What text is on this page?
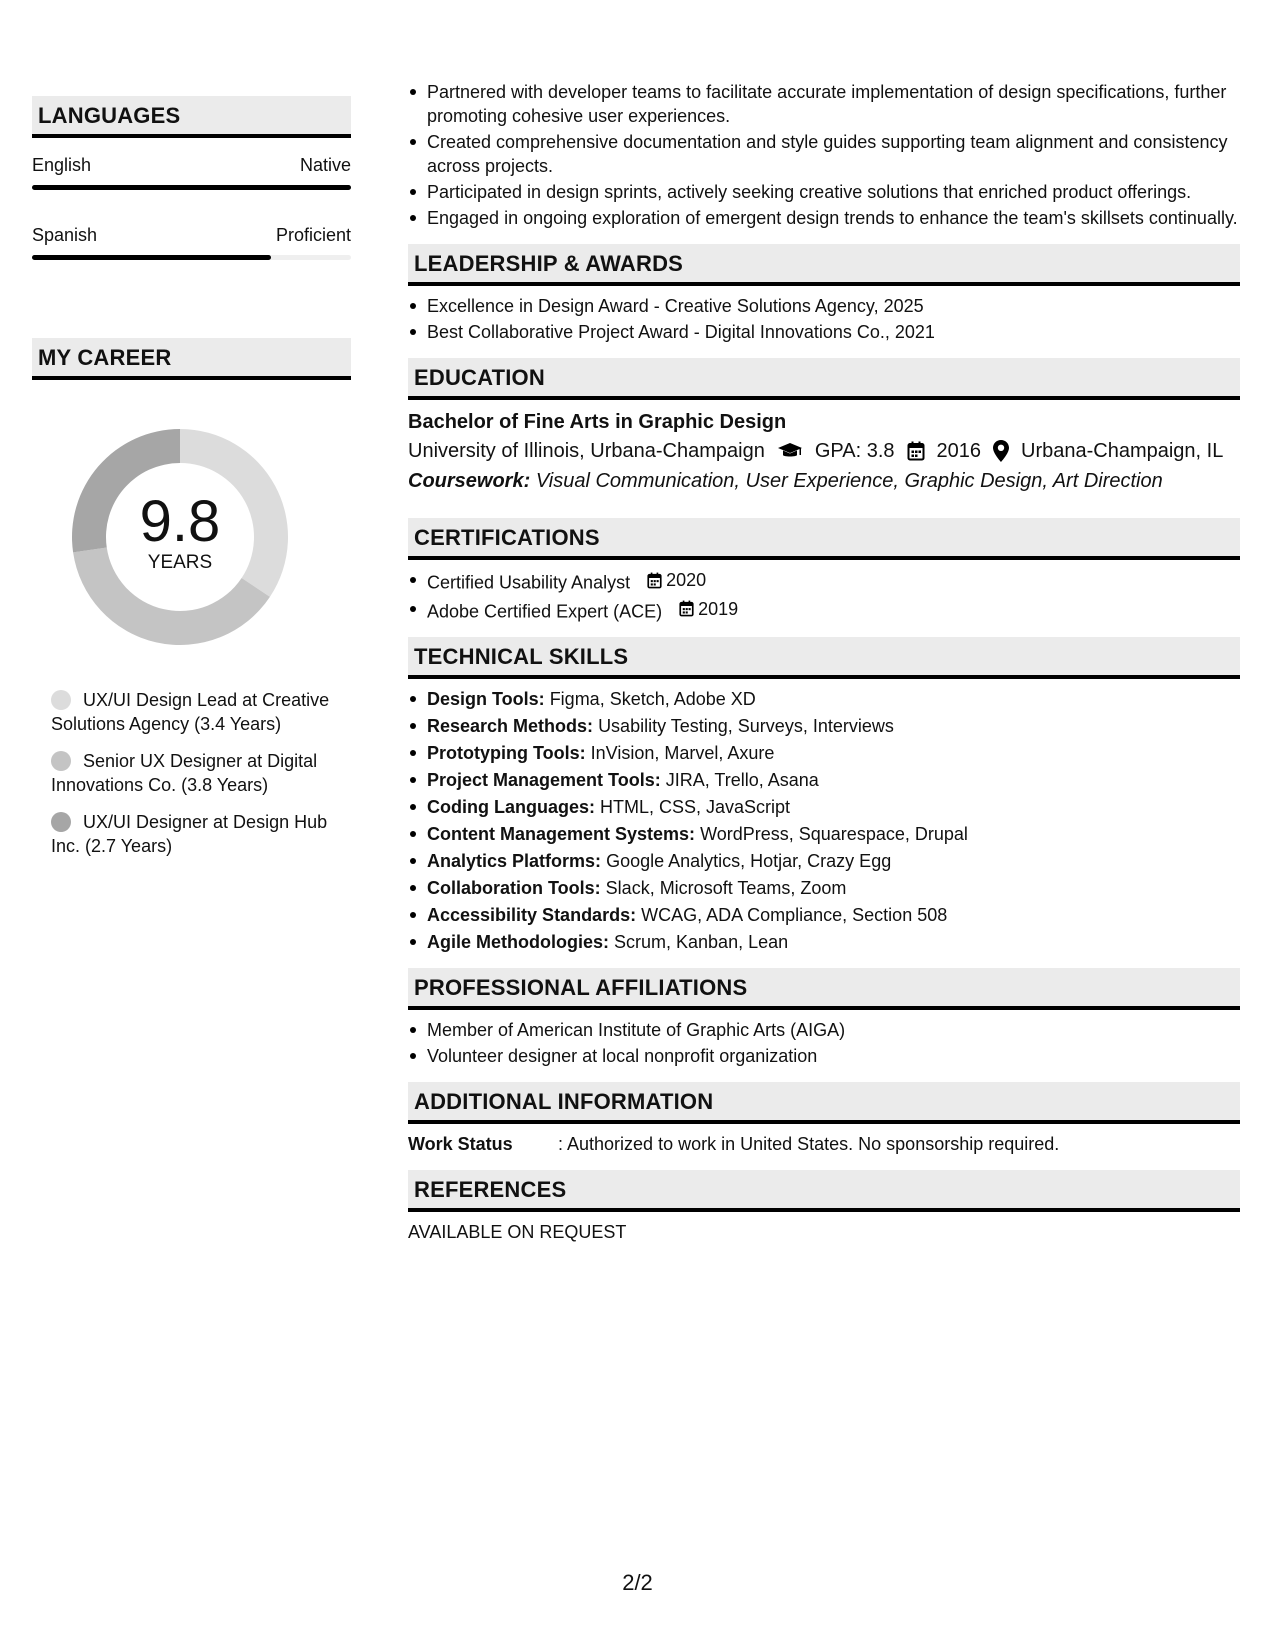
LANGUAGES
English	Native
Spanish	Proficient
MY CAREER
9.8
YEARS
UX/UI Design Lead at Creative Solutions Agency (3.4 Years)
Senior UX Designer at Digital Innovations Co. (3.8 Years)
UX/UI Designer at Design Hub Inc. (2.7 Years)
Partnered with developer teams to facilitate accurate implementation of design specifications, further promoting cohesive user experiences.
Created comprehensive documentation and style guides supporting team alignment and consistency across projects.
Participated in design sprints, actively seeking creative solutions that enriched product offerings.
Engaged in ongoing exploration of emergent design trends to enhance the team's skillsets continually.
LEADERSHIP & AWARDS
Excellence in Design Award - Creative Solutions Agency, 2025
Best Collaborative Project Award - Digital Innovations Co., 2021
EDUCATION
Bachelor of Fine Arts in Graphic Design
University of Illinois, Urbana-Champaign	GPA: 3.8 2016 Urbana-Champaign, IL
Coursework: Visual Communication, User Experience, Graphic Design, Art Direction
CERTIFICATIONS
Certified Usability Analyst 2020
Adobe Certified Expert (ACE) 2019
TECHNICAL SKILLS
Design Tools: Figma, Sketch, Adobe XD
Research Methods: Usability Testing, Surveys, Interviews
Prototyping Tools: InVision, Marvel, Axure
Project Management Tools: JIRA, Trello, Asana
Coding Languages: HTML, CSS, JavaScript
Content Management Systems: WordPress, Squarespace, Drupal
Analytics Platforms: Google Analytics, Hotjar, Crazy Egg
Collaboration Tools: Slack, Microsoft Teams, Zoom
Accessibility Standards: WCAG, ADA Compliance, Section 508
Agile Methodologies: Scrum, Kanban, Lean
PROFESSIONAL AFFILIATIONS
Member of American Institute of Graphic Arts (AIGA)
Volunteer designer at local nonprofit organization
ADDITIONAL INFORMATION
Work Status	: Authorized to work in United States. No sponsorship required.
REFERENCES
AVAILABLE ON REQUEST
2/2
